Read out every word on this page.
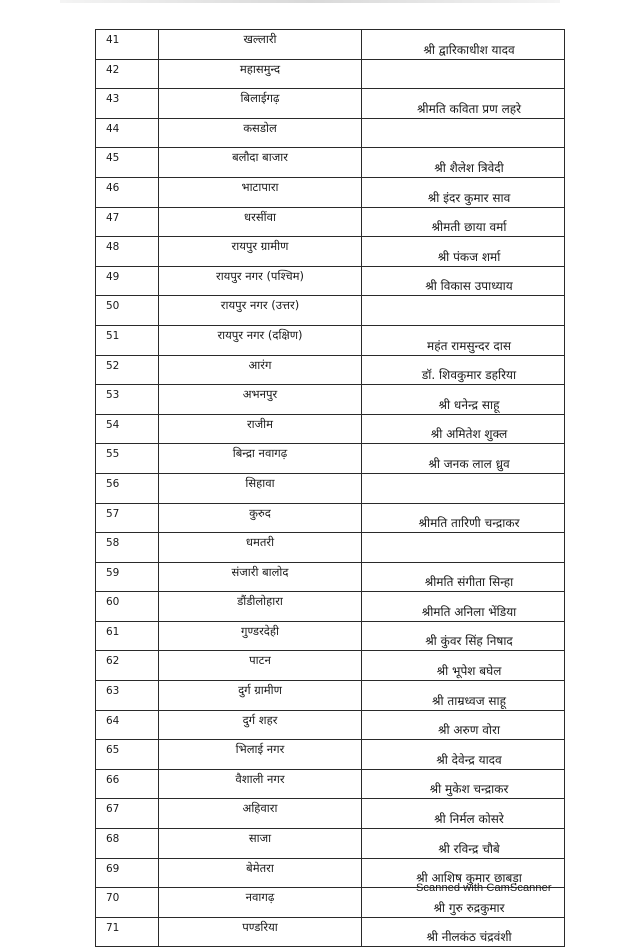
41	खल्लारी	श्री द्वारिकाधीश यादव
42	महासमुन्द	
43	बिलाईगढ़	श्रीमति कविता प्रण लहरे
44	कसडोल	
45	बलौदा बाजार	श्री शैलेश त्रिवेदी
46	भाटापारा	श्री इंदर कुमार साव
47	धरसींवा	श्रीमती छाया वर्मा
48	रायपुर ग्रामीण	श्री पंकज शर्मा
49	रायपुर नगर (पश्चिम)	श्री विकास उपाध्याय
50	रायपुर नगर (उत्तर)	
51	रायपुर नगर (दक्षिण)	महंत रामसुन्दर दास
52	आरंग	डॉ. शिवकुमार डहरिया
53	अभनपुर	श्री धनेन्द्र साहू
54	राजीम	श्री अमितेश शुक्ल
55	बिन्द्रा नवागढ़	श्री जनक लाल ध्रुव
56	सिहावा	
57	कुरुद	श्रीमति तारिणी चन्द्राकर
58	धमतरी	
59	संजारी बालोद	श्रीमति संगीता सिन्हा
60	डौंडीलोहारा	श्रीमति अनिला भेंडिया
61	गुण्डरदेही	श्री कुंवर सिंह निषाद
62	पाटन	श्री भूपेश बघेल
63	दुर्ग ग्रामीण	श्री ताम्रध्वज साहू
64	दुर्ग शहर	श्री अरुण वोरा
65	भिलाई नगर	श्री देवेन्द्र यादव
66	वैशाली नगर	श्री मुकेश चन्द्राकर
67	अहिवारा	श्री निर्मल कोसरे
68	साजा	श्री रविन्द्र चौबे
69	बेमेतरा	श्री आशिष कुमार छाबड़ा
70	नवागढ़	श्री गुरु रुद्रकुमार
71	पण्डरिया	श्री नीलकंठ चंद्रवंशी
Scanned with CamScanner
